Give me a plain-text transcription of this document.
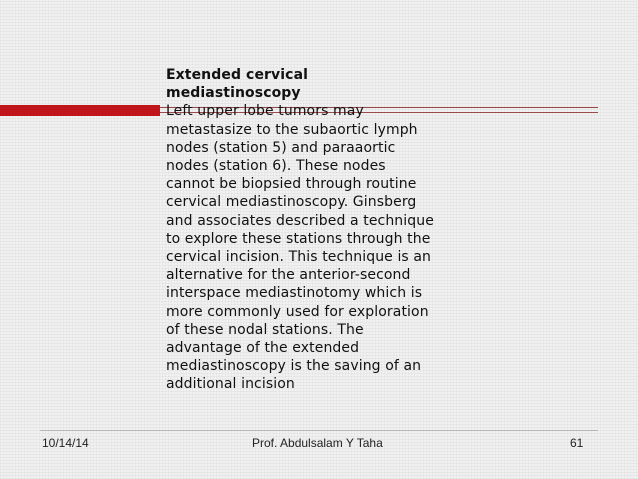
Extended cervical
mediastinoscopy
Left upper lobe tumors may
metastasize to the subaortic lymph
nodes (station 5) and paraaortic
nodes (station 6). These nodes
cannot be biopsied through routine
cervical mediastinoscopy. Ginsberg
and associates described a technique
to explore these stations through the
cervical incision. This technique is an
alternative for the anterior-second
interspace mediastinotomy which is
more commonly used for exploration
of these nodal stations. The
advantage of the extended
mediastinoscopy is the saving of an
additional incision
10/14/14	Prof. Abdulsalam Y Taha	61
